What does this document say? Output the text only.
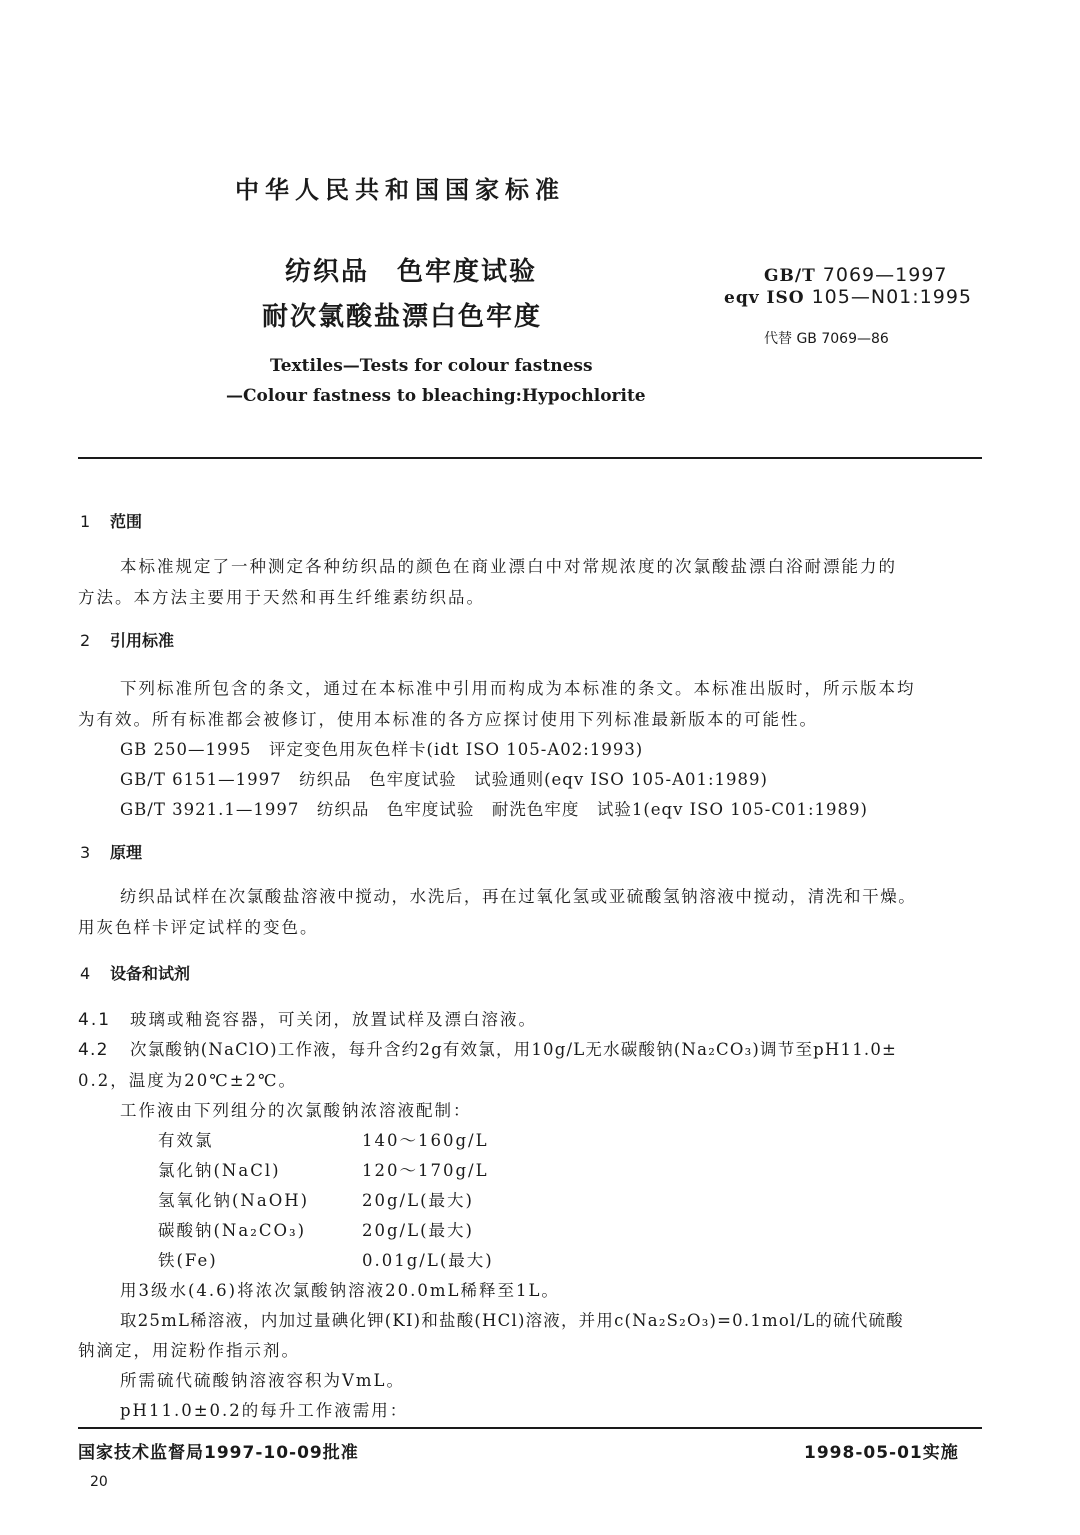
中华人民共和国国家标准
纺织品　色牢度试验
耐次氯酸盐漂白色牢度
GB/T 7069—1997
eqv ISO 105—N01:1995
代替 GB 7069—86
Textiles—Tests for colour fastness
—Colour fastness to bleaching:Hypochlorite
1 范围
本标准规定了一种测定各种纺织品的颜色在商业漂白中对常规浓度的次氯酸盐漂白浴耐漂能力的
方法。本方法主要用于天然和再生纤维素纺织品。
2 引用标准
下列标准所包含的条文，通过在本标准中引用而构成为本标准的条文。本标准出版时，所示版本均
为有效。所有标准都会被修订，使用本标准的各方应探讨使用下列标准最新版本的可能性。
GB 250—1995　评定变色用灰色样卡(idt ISO 105-A02:1993)
GB/T 6151—1997　纺织品　色牢度试验　试验通则(eqv ISO 105-A01:1989)
GB/T 3921.1—1997　纺织品　色牢度试验　耐洗色牢度　试验1(eqv ISO 105-C01:1989)
3 原理
纺织品试样在次氯酸盐溶液中搅动，水洗后，再在过氧化氢或亚硫酸氢钠溶液中搅动，清洗和干燥。
用灰色样卡评定试样的变色。
4 设备和试剂
4.1 玻璃或釉瓷容器，可关闭，放置试样及漂白溶液。
4.2 次氯酸钠(NaClO)工作液，每升含约2g有效氯，用10g/L无水碳酸钠(Na₂CO₃)调节至pH11.0±
0.2，温度为20℃±2℃。
工作液由下列组分的次氯酸钠浓溶液配制：
有效氯	140～160g/L
氯化钠(NaCl)	120～170g/L
氢氧化钠(NaOH)	20g/L(最大)
碳酸钠(Na₂CO₃)	20g/L(最大)
铁(Fe)	0.01g/L(最大)
用3级水(4.6)将浓次氯酸钠溶液20.0mL稀释至1L。
取25mL稀溶液，内加过量碘化钾(KI)和盐酸(HCl)溶液，并用c(Na₂S₂O₃)=0.1mol/L的硫代硫酸
钠滴定，用淀粉作指示剂。
所需硫代硫酸钠溶液容积为VmL。
pH11.0±0.2的每升工作液需用：
国家技术监督局1997-10-09批准	1998-05-01实施
20
